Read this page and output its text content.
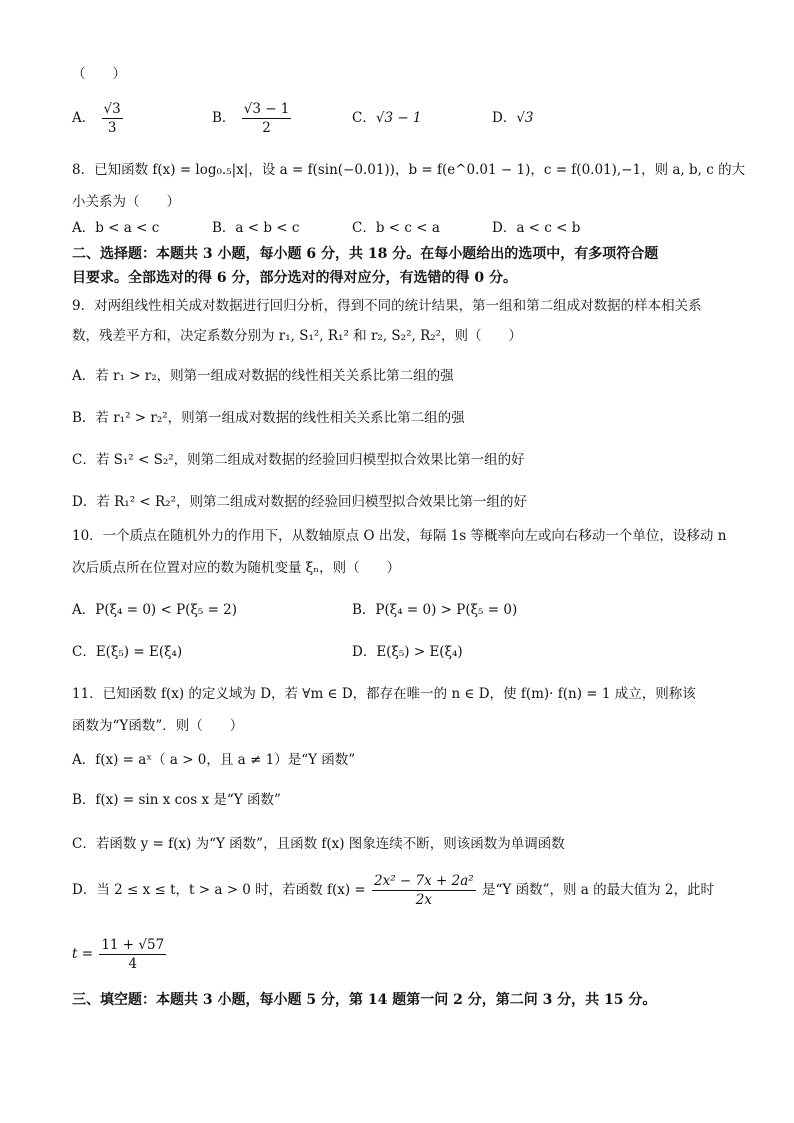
（　　）
A． $\frac{√3}{3}$	B． $\frac{√3 - 1}{2}$	C．√3 − 1	D．√3
8．已知函数 f(x) = log₀.₅|x|，设 a = f(sin(−0.01))，b = f(e^0.01 − 1)，c = f(0.01),−1，则 a, b, c 的大
小关系为（　　）
A．b < a < c	B．a < b < c	C．b < c < a	D．a < c < b
二、选择题：本题共 3 小题，每小题 6 分，共 18 分。在每小题给出的选项中，有多项符合题
目要求。全部选对的得 6 分，部分选对的得对应分，有选错的得 0 分。
9．对两组线性相关成对数据进行回归分析，得到不同的统计结果，第一组和第二组成对数据的样本相关系
数，残差平方和，决定系数分别为 r₁, S₁², R₁² 和 r₂, S₂², R₂²，则（　　）
A．若 r₁ > r₂，则第一组成对数据的线性相关关系比第二组的强
B．若 r₁² > r₂²，则第一组成对数据的线性相关关系比第二组的强
C．若 S₁² < S₂²，则第二组成对数据的经验回归模型拟合效果比第一组的好
D．若 R₁² < R₂²，则第二组成对数据的经验回归模型拟合效果比第一组的好
10．一个质点在随机外力的作用下，从数轴原点 O 出发，每隔 1s 等概率向左或向右移动一个单位，设移动 n
次后质点所在位置对应的数为随机变量 ξₙ，则（　　）
A．P(ξ₄ = 0) < P(ξ₅ = 2)	B．P(ξ₄ = 0) > P(ξ₅ = 0)
C．E(ξ₅) = E(ξ₄)	D．E(ξ₅) > E(ξ₄)
11．已知函数 f(x) 的定义域为 D，若 ∀m ∈ D，都存在唯一的 n ∈ D，使 f(m)· f(n) = 1 成立，则称该
函数为“Y函数”．则（　　）
A．f(x) = aˣ（ a > 0，且 a ≠ 1）是“Y 函数”
B．f(x) = sin x cos x 是“Y 函数”
C．若函数 y = f(x) 为“Y 函数”，且函数 f(x) 图象连续不断，则该函数为单调函数
D．当 2 ≤ x ≤ t，t > a > 0 时，若函数 $f(x) = \frac{\text{2x² − 7x + 2a²}}{2x}$ 是“Y 函数”，则 a 的最大值为 2，此时
$t = \frac{11 + √57}{4}$
三、填空题：本题共 3 小题，每小题 5 分，第 14 题第一问 2 分，第二问 3 分，共 15 分。
